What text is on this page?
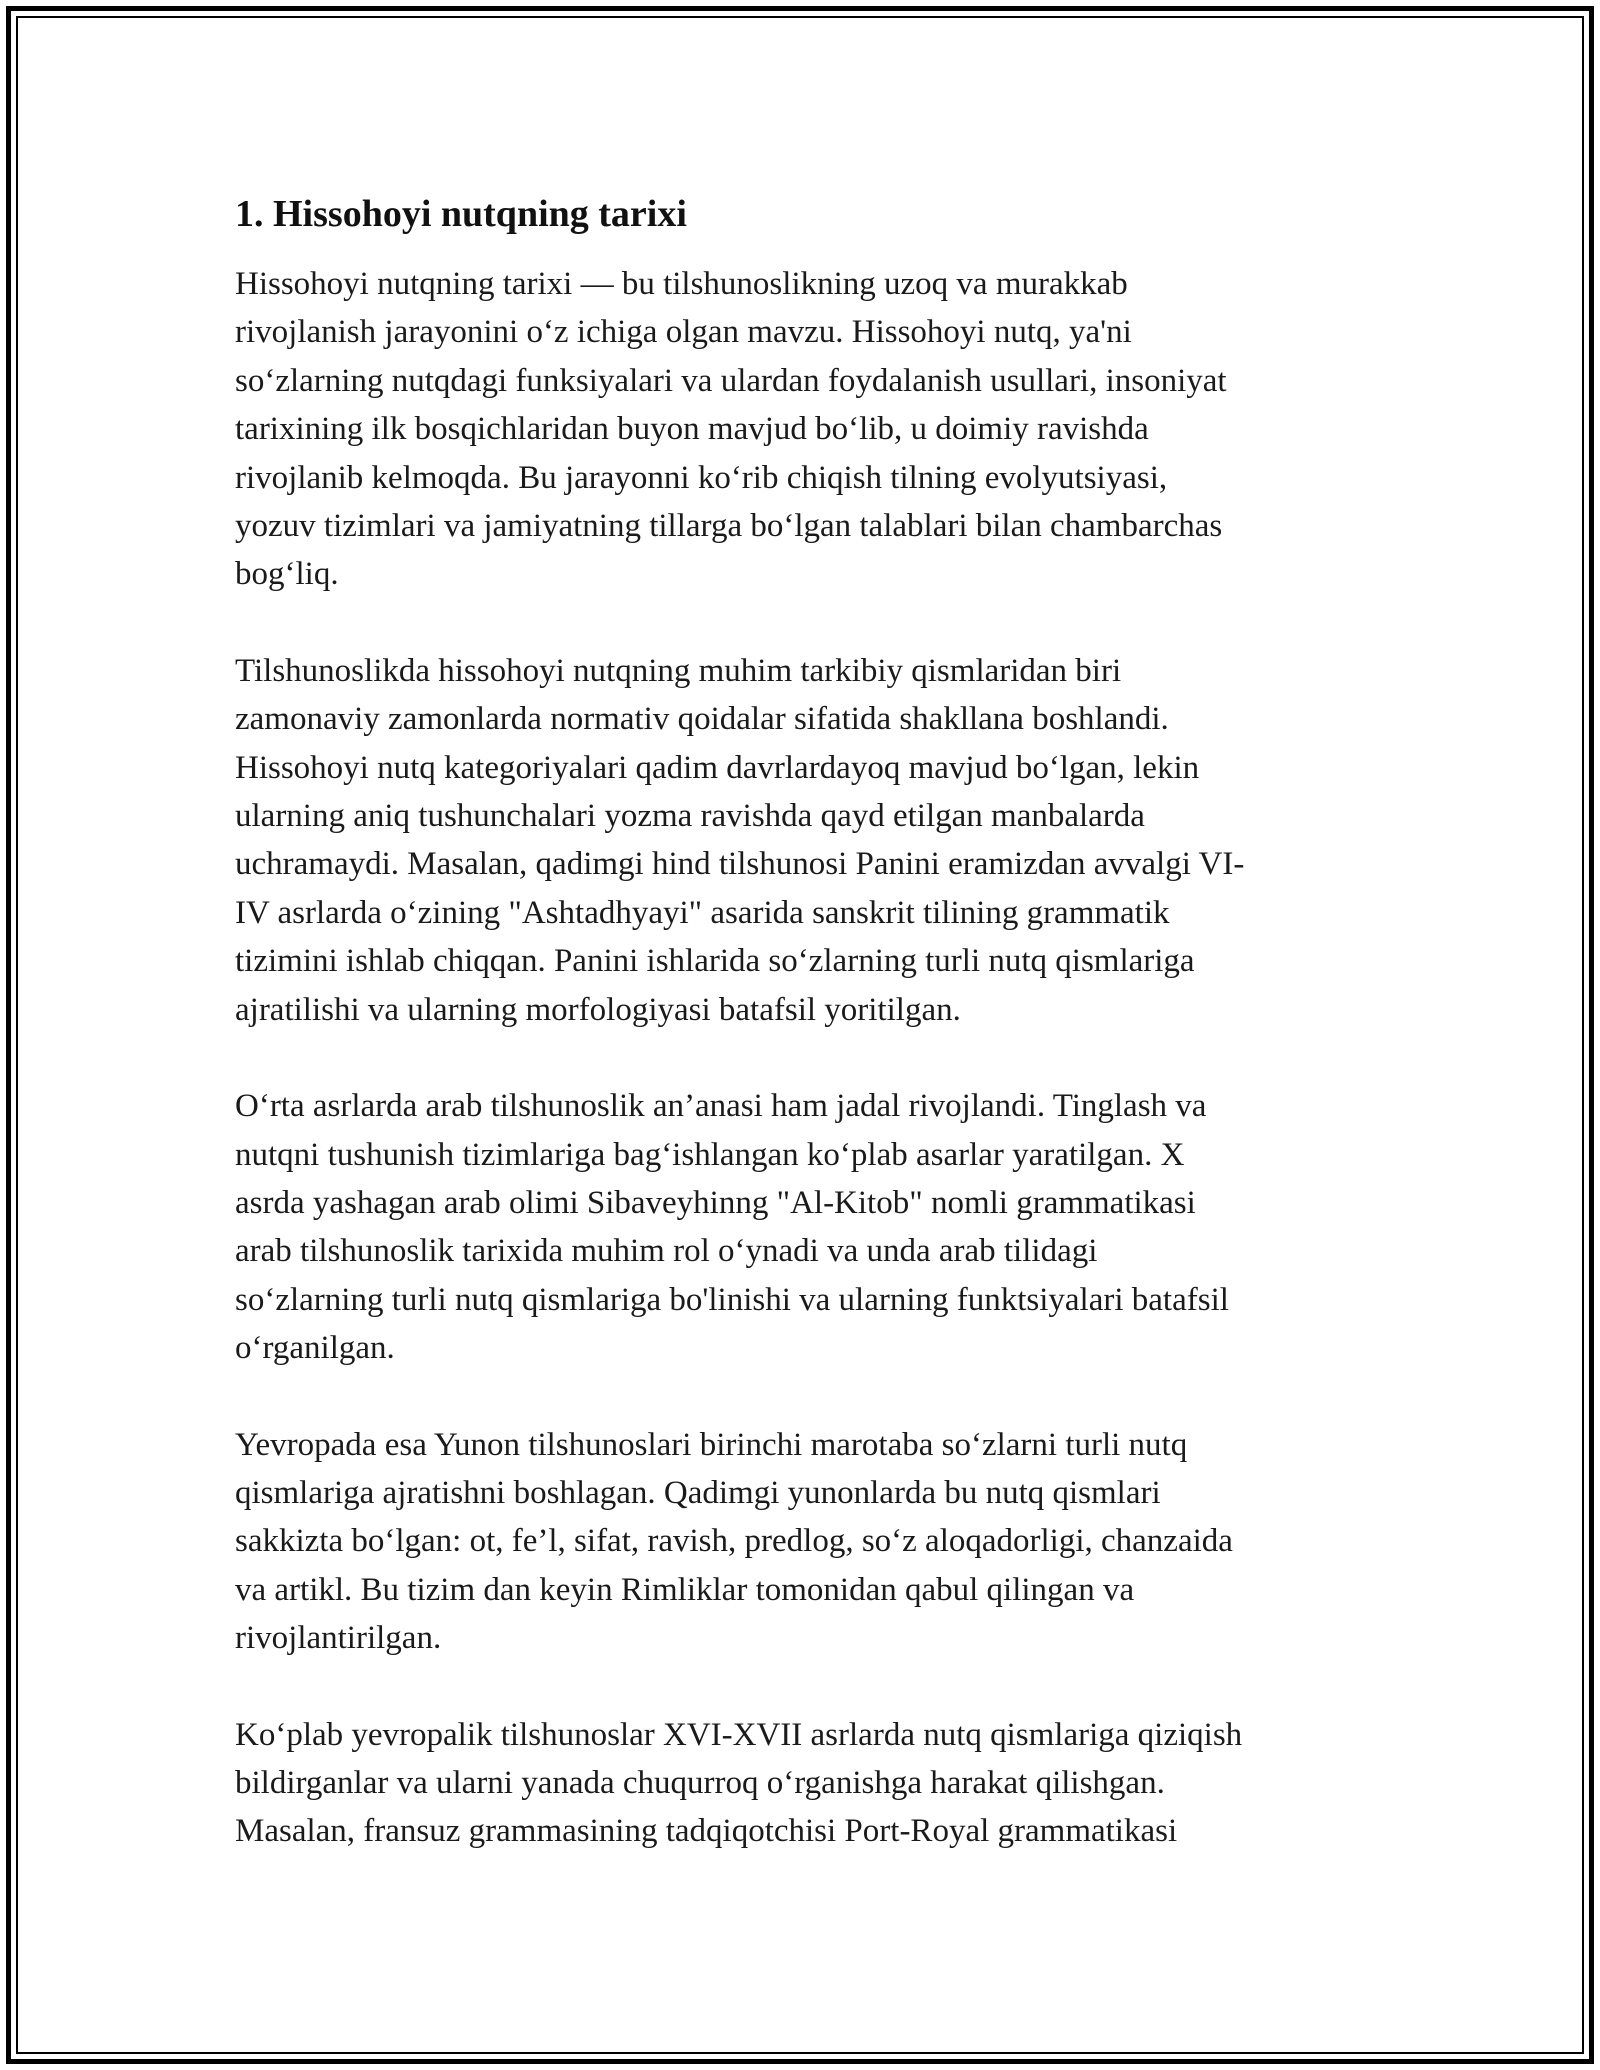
1. Hissohoyi nutqning tarixi

Hissohoyi nutqning tarixi — bu tilshunoslikning uzoq va murakkab
rivojlanish jarayonini oʻz ichiga olgan mavzu. Hissohoyi nutq, ya'ni
soʻzlarning nutqdagi funksiyalari va ulardan foydalanish usullari, insoniyat
tarixining ilk bosqichlaridan buyon mavjud boʻlib, u doimiy ravishda
rivojlanib kelmoqda. Bu jarayonni koʻrib chiqish tilning evolyutsiyasi,
yozuv tizimlari va jamiyatning tillarga boʻlgan talablari bilan chambarchas
bogʻliq.

Tilshunoslikda hissohoyi nutqning muhim tarkibiy qismlaridan biri
zamonaviy zamonlarda normativ qoidalar sifatida shakllana boshlandi.
Hissohoyi nutq kategoriyalari qadim davrlardayoq mavjud boʻlgan, lekin
ularning aniq tushunchalari yozma ravishda qayd etilgan manbalarda
uchramaydi. Masalan, qadimgi hind tilshunosi Panini eramizdan avvalgi VI-
IV asrlarda oʻzining "Ashtadhyayi" asarida sanskrit tilining grammatik
tizimini ishlab chiqqan. Panini ishlarida soʻzlarning turli nutq qismlariga
ajratilishi va ularning morfologiyasi batafsil yoritilgan.

Oʻrta asrlarda arab tilshunoslik an’anasi ham jadal rivojlandi. Tinglash va
nutqni tushunish tizimlariga bagʻishlangan koʻplab asarlar yaratilgan. X
asrda yashagan arab olimi Sibaveyhinng "Al-Kitob" nomli grammatikasi
arab tilshunoslik tarixida muhim rol oʻynadi va unda arab tilidagi
soʻzlarning turli nutq qismlariga bo'linishi va ularning funktsiyalari batafsil
oʻrganilgan.

Yevropada esa Yunon tilshunoslari birinchi marotaba soʻzlarni turli nutq
qismlariga ajratishni boshlagan. Qadimgi yunonlarda bu nutq qismlari
sakkizta boʻlgan: ot, fe’l, sifat, ravish, predlog, soʻz aloqadorligi, chanzaida
va artikl. Bu tizim dan keyin Rimliklar tomonidan qabul qilingan va
rivojlantirilgan.

Koʻplab yevropalik tilshunoslar XVI-XVII asrlarda nutq qismlariga qiziqish
bildirganlar va ularni yanada chuqurroq oʻrganishga harakat qilishgan.
Masalan, fransuz grammasining tadqiqotchisi Port-Royal grammatikasi
